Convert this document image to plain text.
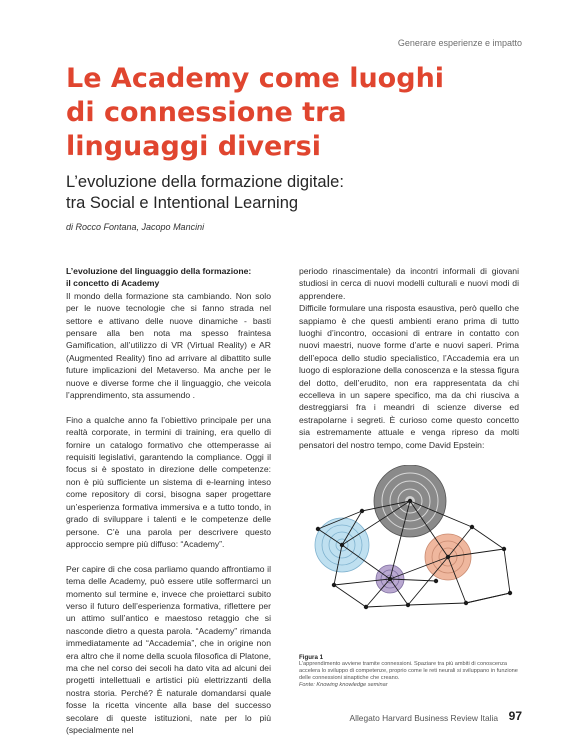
Generare esperienze e impatto
Le Academy come luoghi
di connessione tra
linguaggi diversi
L’evoluzione della formazione digitale:
tra Social e Intentional Learning
di Rocco Fontana, Jacopo Mancini

L’evoluzione del linguaggio della formazione:
il concetto di Academy

Il mondo della formazione sta cambiando. Non solo per le nuove tecnologie che si fanno strada nel settore e attivano delle nuove dinamiche - basti pensare alla ben nota ma spesso fraintesa Gamification, all’utilizzo di VR (Virtual Reality) e AR (Augmented Reality) fino ad arrivare al dibattito sulle future implicazioni del Metaverso. Ma anche per le nuove e diverse forme che il linguaggio, che veicola l’apprendimento, sta assumendo .

Fino a qualche anno fa l’obiettivo principale per una realtà corporate, in termini di training, era quello di fornire un catalogo formativo che ottemperasse ai requisiti legislativi, garantendo la compliance. Oggi il focus si è spostato in direzione delle competenze: non è più sufficiente un sistema di e-learning inteso come repository di corsi, bisogna saper progettare un’esperienza formativa immersiva e a tutto tondo, in grado di sviluppare i talenti e le competenze delle persone. C’è una parola per descrivere questo approccio sempre più diffuso: “Academy”.

Per capire di che cosa parliamo quando affrontiamo il tema delle Academy, può essere utile soffermarci un momento sul termine e, invece che proiettarci subito verso il futuro dell’esperienza formativa, riflettere per un attimo sull’antico e maestoso retaggio che si nasconde dietro a questa parola. “Academy” rimanda immediatamente ad “Accademia”, che in origine non era altro che il nome della scuola filosofica di Platone, ma che nel corso dei secoli ha dato vita ad alcuni dei progetti intellettuali e artistici più elettrizzanti della nostra storia. Perché? È naturale domandarsi quale fosse la ricetta vincente alla base del successo secolare di queste istituzioni, nate per lo più (specialmente nel

periodo rinascimentale) da incontri informali di giovani studiosi in cerca di nuovi modelli culturali e nuovi modi di apprendere.

Difficile formulare una risposta esaustiva, però quello che sappiamo è che questi ambienti erano prima di tutto luoghi d’incontro, occasioni di entrare in contatto con nuovi maestri, nuove forme d’arte e nuovi saperi. Prima dell’epoca dello studio specialistico, l’Accademia era un luogo di esplorazione della conoscenza e la stessa figura del dotto, dell’erudito, non era rappresentata da chi eccelleva in un sapere specifico, ma da chi riusciva a destreggiarsi fra i meandri di scienze diverse ed estrapolarne i segreti. È curioso come questo concetto sia estremamente attuale e venga ripreso da molti pensatori del nostro tempo, come David Epstein:

Figura 1
L’apprendimento avviene tramite connessioni. Spaziare tra più ambiti di conoscenza accelera lo sviluppo di competenze, proprio come le reti neurali si sviluppano in funzione delle connessioni sinaptiche che creano.
Fonte: Knowing knowledge seminar
Allegato Harvard Business Review Italia 97
